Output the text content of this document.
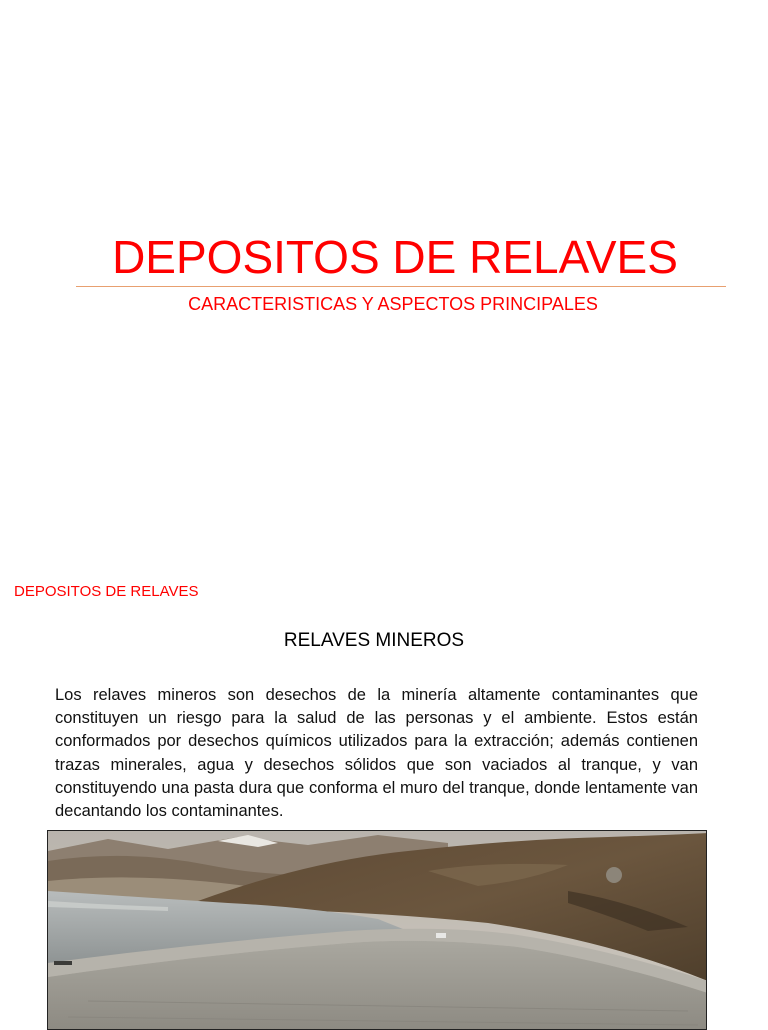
DEPOSITOS DE RELAVES
CARACTERISTICAS Y ASPECTOS PRINCIPALES
DEPOSITOS DE RELAVES
RELAVES MINEROS

Los relaves mineros son desechos de la minería altamente contaminantes que constituyen un riesgo para la salud de las personas y el ambiente. Estos están conformados por desechos químicos utilizados para la extracción; además contienen trazas minerales, agua y desechos sólidos que son vaciados al tranque, y van constituyendo una pasta dura que conforma el muro del tranque, donde lentamente van decantando los contaminantes.
